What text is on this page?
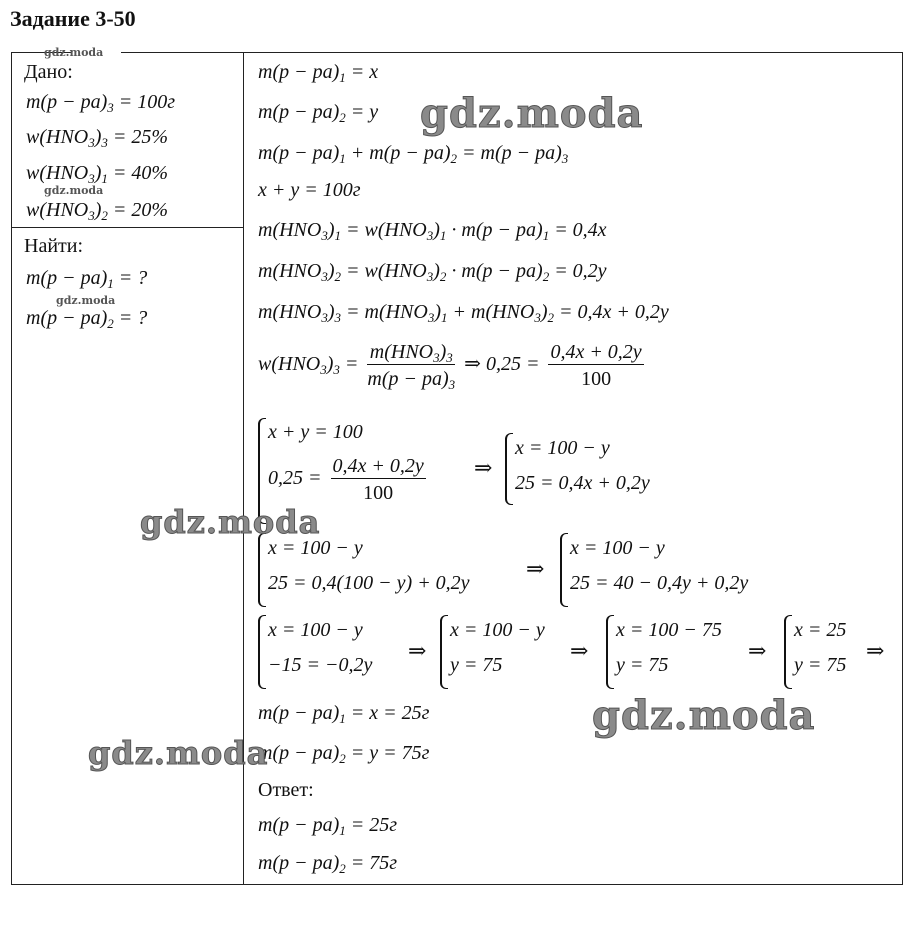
Задание 3-50
Дано:
$m(p - pa)_3 = 100г$
$w(HNO_3)_3 = 25\%$
$w(HNO_3)_1 = 40\%$
$w(HNO_3)_2 = 20\%$
Найти:
$m(p - pa)_1$ = ?
$m(p - pa)_2$ = ?
$m(p - pa)_1 = x$
$m(p - pa)_2 = y$
$m(p - pa)_1 + m(p - pa)_2 = m(p - pa)_3$
x + y = 100г
$m(HNO_3)_1 = w(HNO_3)_1 \cdot m(p - pa)_1 = 0,4x$
$m(HNO_3)_2 = w(HNO_3)_2 \cdot m(p - pa)_2 = 0,2y$
$m(HNO_3)_3 = m(HNO_3)_1 + m(HNO_3)_2 = 0,4x + 0,2y$
$w(HNO_3)_3 = \frac{m(HNO_3)_3}{m(p - pa)_3}$ ⇒ $0,25 = \frac{0,4x + 0,2y}{100}$
x + y = 100
$0,25 = \frac{0,4x + 0,2y}{100}$ ⇒
x = 100 − y
25 = 0,4x + 0,2y
x = 100 − y
25 = 0,4(100 − y) + 0,2y
⇒
x = 100 − y
25 = 40 − 0,4y + 0,2y
x = 100 − y
−15 = −0,2y
⇒
x = 100 − y
y = 75
⇒
x = 100 − 75
y = 75
⇒
x = 25
y = 75
⇒
$m(p - pa)_1 = x = 25г$
$m(p - pa)_2 = y = 75г$
Ответ:
$m(p - pa)_1 = 25г$
$m(p - pa)_2 = 75г$
gdz.moda
gdz.moda
gdz.moda
gdz.moda
gdz.moda
gdz.moda
gdz.moda
